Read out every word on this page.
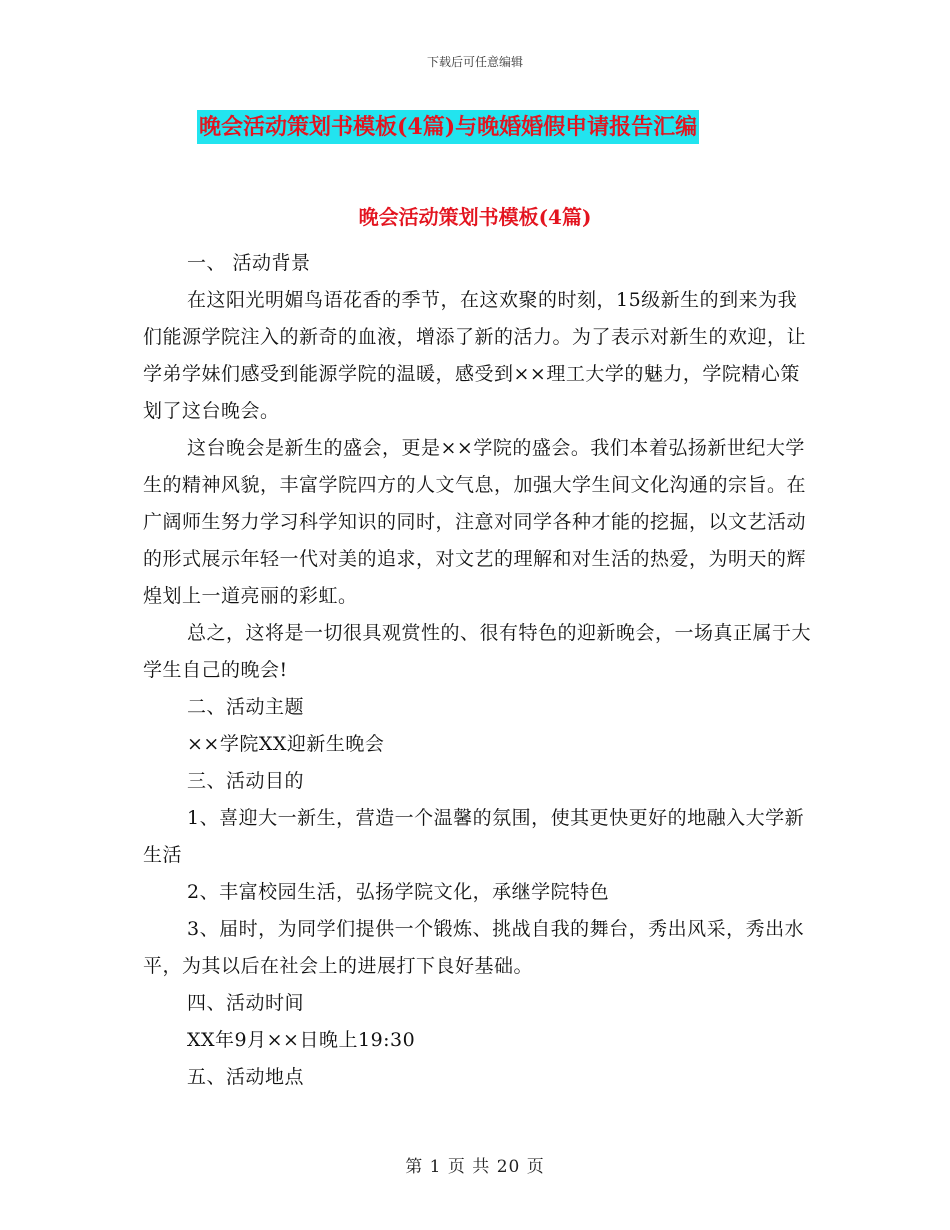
下载后可任意编辑
晚会活动策划书模板(4篇)与晚婚婚假申请报告汇编
晚会活动策划书模板(4篇)

一、 活动背景

在这阳光明媚鸟语花香的季节，在这欢聚的时刻，15级新生的到来为我们能源学院注入的新奇的血液，增添了新的活力。为了表示对新生的欢迎，让学弟学妹们感受到能源学院的温暖，感受到××理工大学的魅力，学院精心策划了这台晚会。

这台晚会是新生的盛会，更是××学院的盛会。我们本着弘扬新世纪大学生的精神风貌，丰富学院四方的人文气息，加强大学生间文化沟通的宗旨。在广阔师生努力学习科学知识的同时，注意对同学各种才能的挖掘，以文艺活动的形式展示年轻一代对美的追求，对文艺的理解和对生活的热爱，为明天的辉煌划上一道亮丽的彩虹。

总之，这将是一切很具观赏性的、很有特色的迎新晚会，一场真正属于大学生自己的晚会!

二、活动主题

××学院XX迎新生晚会

三、活动目的

1、喜迎大一新生，营造一个温馨的氛围，使其更快更好的地融入大学新生活

2、丰富校园生活，弘扬学院文化，承继学院特色

3、届时，为同学们提供一个锻炼、挑战自我的舞台，秀出风采，秀出水平，为其以后在社会上的进展打下良好基础。

四、活动时间

XX年9月××日晚上19:30

五、活动地点

第 1 页 共 20 页
